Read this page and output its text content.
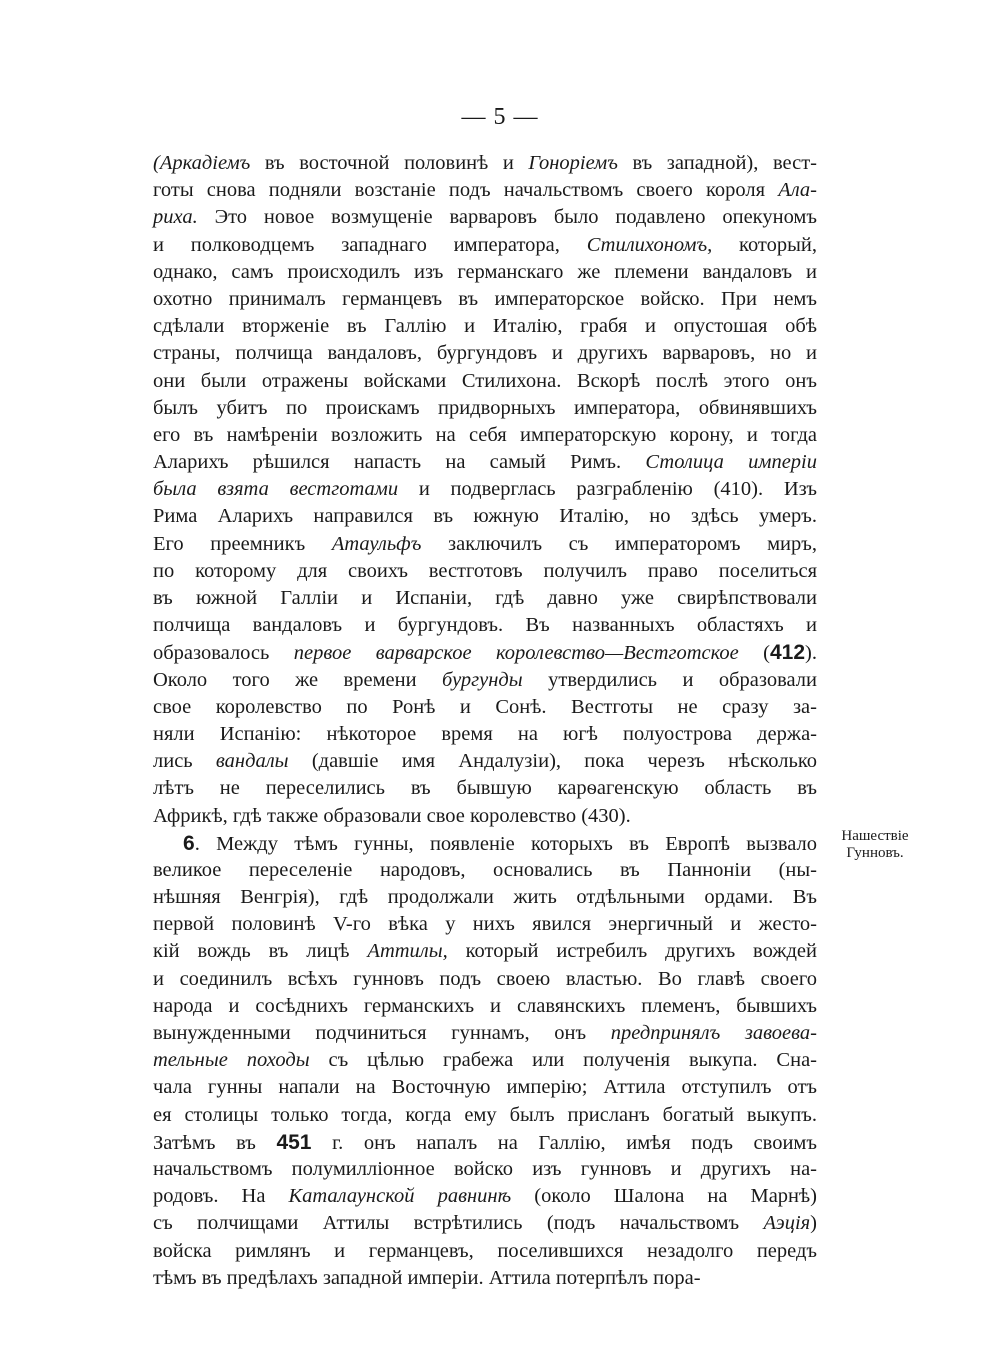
— 5 —
(Аркадіемъ въ восточной половинѣ и Гоноріемъ въ западной), вест-
готы снова подняли возстаніе подъ начальствомъ своего короля Ала-
риха. Это новое возмущеніе варваровъ было подавлено опекуномъ
и полководцемъ западнаго императора, Стилихономъ, который,
однако, самъ происходилъ изъ германскаго же племени вандаловъ и
охотно принималъ германцевъ въ императорское войско. При немъ
сдѣлали вторженіе въ Галлію и Италію, грабя и опустошая обѣ
страны, полчища вандаловъ, бургундовъ и другихъ варваровъ, но и
они были отражены войсками Стилихона. Вскорѣ послѣ этого онъ
былъ убитъ по проискамъ придворныхъ императора, обвинявшихъ
его въ намѣреніи возложить на себя императорскую корону, и тогда
Аларихъ рѣшился напасть на самый Римъ. Столица имперіи
была взята вестготами и подверглась разграбленію (410). Изъ
Рима Аларихъ направился въ южную Италію, но здѣсь умеръ.
Его преемникъ Атаульфъ заключилъ съ императоромъ миръ,
по которому для своихъ вестготовъ получилъ право поселиться
въ южной Галліи и Испаніи, гдѣ давно уже свирѣпствовали
полчища вандаловъ и бургундовъ. Въ названныхъ областяхъ и
образовалось первое варварское королевство—Вестготское (412).
Около того же времени бургунды утвердились и образовали
свое королевство по Ронѣ и Сонѣ. Вестготы не сразу за-
няли Испанію: нѣкоторое время на югѣ полуострова держа-
лись вандалы (давшіе имя Андалузіи), пока черезъ нѣсколько
лѣтъ не переселились въ бывшую карѳагенскую область въ
Африкѣ, гдѣ также образовали свое королевство (430).
6. Между тѣмъ гунны, появленіе которыхъ въ Европѣ вызвало
великое переселеніе народовъ, основались въ Панноніи (ны-
нѣшняя Венгрія), гдѣ продолжали жить отдѣльными ордами. Въ
первой половинѣ V-го вѣка у нихъ явился энергичный и жесто-
кій вождь въ лицѣ Аттилы, который истребилъ другихъ вождей
и соединилъ всѣхъ гунновъ подъ своею властью. Во главѣ своего
народа и сосѣднихъ германскихъ и славянскихъ племенъ, бывшихъ
вынужденными подчиниться гуннамъ, онъ предпринялъ завоева-
тельные походы съ цѣлью грабежа или полученія выкупа. Сна-
чала гунны напали на Восточную имперію; Аттила отступилъ отъ
ея столицы только тогда, когда ему былъ присланъ богатый выкупъ.
Затѣмъ въ 451 г. онъ напалъ на Галлію, имѣя подъ своимъ
начальствомъ полумилліонное войско изъ гунновъ и другихъ на-
родовъ. На Каталаунской равнинѣ (около Шалона на Марнѣ)
съ полчищами Аттилы встрѣтились (подъ начальствомъ Аэція)
войска римлянъ и германцевъ, поселившихся незадолго передъ
тѣмъ въ предѣлахъ западной имперіи. Аттила потерпѣлъ пора-
Нашествіе
Гунновъ.
